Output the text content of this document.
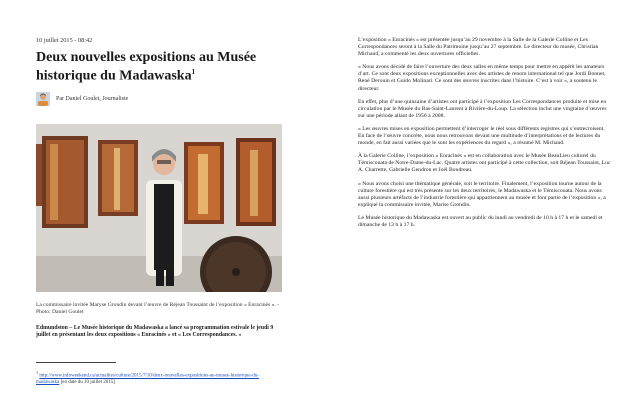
10 juillet 2015 - 08:42

Deux nouvelles expositions au Musée historique du Madawaska$^1$
Par Daniel Goulet, Journaliste

La commissaire invitée Maryse Grondin devant l’œuvre de Réjean Toussaint de l’exposition « Enracinés ». - Photo: Daniel Goulet

Edmundston – Le Musée historique du Madawaska a lancé sa programmation estivale le jeudi 9 juillet en présentant les deux expositions « Enracinés » et « Les Correspondances. »

$^1$ http://www.infoweekend.ca/actualites/culture/2015/7/10/deux-nouvelles-expositions-au-musee-historique-du-madawaska [en date du 10 juillet 2015]

L’exposition « Enracinés » est présentée jusqu’au 29 novembre à la Salle de la Galerie Colline et Les Correspondances seront à la Salle du Patrimoine jusqu’au 27 septembre. Le directeur du musée, Christian Michaud, a commenté les deux ouvertures officielles.

« Nous avons décidé de faire l’ouverture des deux salles en même temps pour mettre en appétit les amateurs d’art. Ce sont deux expositions exceptionnelles avec des artistes de renom international tel que Jordi Bonnet, René Derouin et Guido Molinari. Ce sont des œuvres inscrites dans l’histoire. C’est à voir », a soutenu le directeur.

En effet, plus d’une quinzaine d’artistes ont participé à l’exposition Les Correspondances produite et mise en circulation par le Musée du Bas-Saint-Laurent à Rivière-du-Loup. La sélection inclut une vingtaine d’œuvres sur une période allant de 1956 à 2008.

« Les œuvres mises en exposition permettent d’interroger le réel sous différents registres qui s’entrecroisent. En face de l’œuvre concrète, nous nous retrouvons devant une multitude d’interprétations et de lectures du monde, en fait aussi variées que le sont les expériences du regard », a résumé M. Michaud.

À la Galerie Colline, l’exposition « Enracinés » est en collaboration avec le Musée BeauLieu culturel du Témiscouata de Notre-Dame-du-Lac. Quatre artistes ont participé à cette collection, soit Réjean Toussaint, Luc A. Charrette, Gabrielle Gendron et Joël Boudreau.

« Nous avons choisi une thématique générale, soit le territoire. Finalement, l’exposition tourne autour de la culture forestière qui est très présente sur les deux territoires, le Madawaska et le Témiscouata. Nous avons aussi plusieurs artéfacts de l’industrie forestière qui appartiennent au musée et font partie de l’exposition », a expliqué la commissaire invitée, Marise Grondin.

Le Musée historique du Madawaska est ouvert au public du lundi au vendredi de 10 h à 17 h et le samedi et dimanche de 13 h à 17 h.
